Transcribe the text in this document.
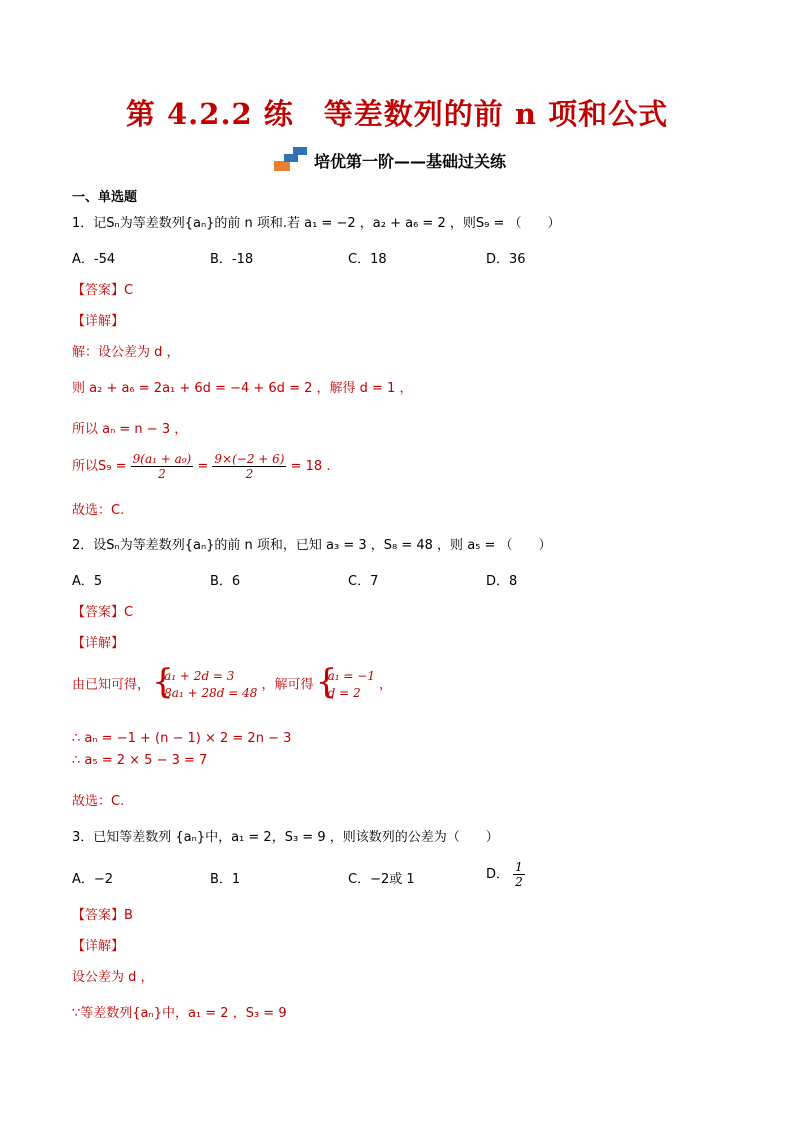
第 4.2.2 练　等差数列的前 n 项和公式
培优第一阶——基础过关练
一、单选题
1．记Sₙ为等差数列{aₙ}的前 n 项和.若 a₁ = −2 ，a₂ + a₆ = 2 ，则S₉ = （　　）
A．-54	B．-18	C．18	D．36
【答案】C
【详解】
解：设公差为 d ，
则 a₂ + a₆ = 2a₁ + 6d = −4 + 6d = 2 ，解得 d = 1 ，
所以 aₙ = n − 3 ，
所以$S_9 = \frac{\text{9(a₁ + a₉)}}{2} = \frac{9\times(-2 + 6)}{2} = 18$ .
故选：C.
2．设Sₙ为等差数列{aₙ}的前 n 项和，已知 a₃ = 3 ，S₈ = 48 ，则 a₅ = （　　）
A．5	B．6	C．7	D．8
【答案】C
【详解】
由已知可得，
{ a₁ + 2d = 3
8a₁ + 28d = 48
，解可得
{ a₁ = −1
d = 2
，
∴ aₙ = −1 + (n − 1) × 2 = 2n − 3
∴ a₅ = 2 × 5 − 3 = 7
故选：C.
3．已知等差数列 {aₙ}中，a₁ = 2，S₃ = 9 ，则该数列的公差为（　　）
A．−2	B．1	C．−2或 1	D． $\frac{1}{2}$
【答案】B
【详解】
设公差为 d ，
∵等差数列{aₙ}中，a₁ = 2 ，S₃ = 9
